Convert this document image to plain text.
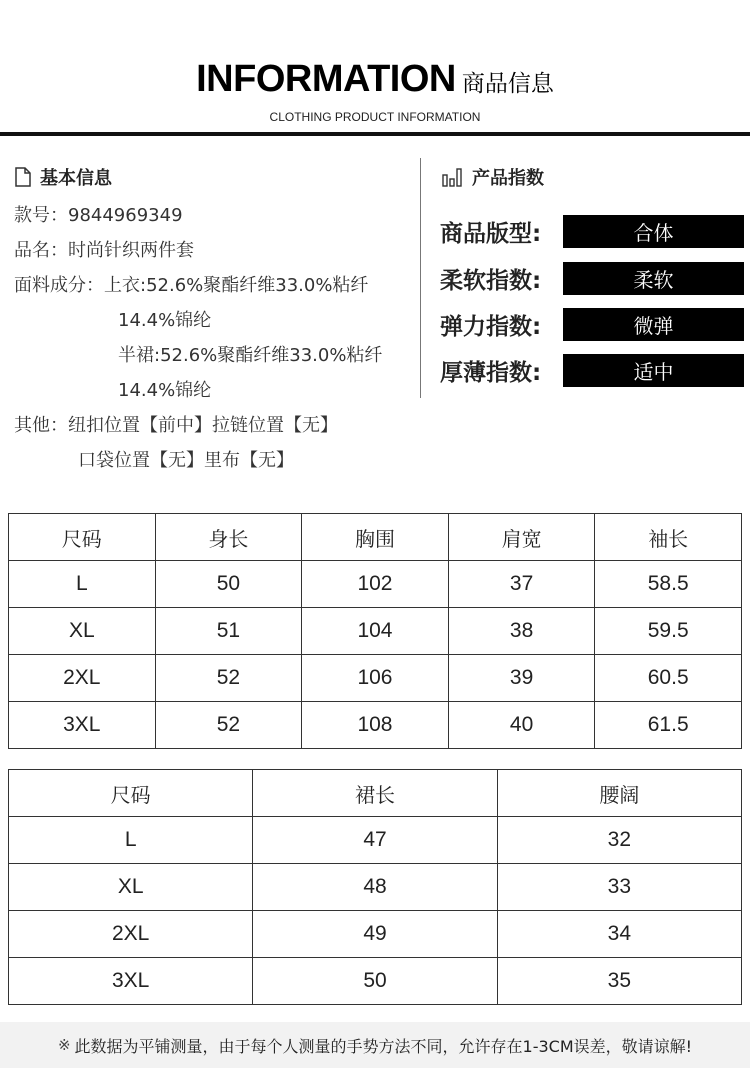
INFORMATION 商品信息
CLOTHING PRODUCT INFORMATION
基本信息
款号：9844969349
品名：时尚针织两件套
面料成分：上衣:52.6%聚酯纤维33.0%粘纤
14.4%锦纶
半裙:52.6%聚酯纤维33.0%粘纤
14.4%锦纶
其他：纽扣位置【前中】拉链位置【无】
口袋位置【无】里布【无】
产品指数
商品版型:	合体
柔软指数:	柔软
弹力指数:	微弹
厚薄指数:	适中
尺码	身长	胸围	肩宽	袖长
L	50	102	37	58.5
XL	51	104	38	59.5
2XL	52	106	39	60.5
3XL	52	108	40	61.5
尺码	裙长	腰阔
L	47	32
XL	48	33
2XL	49	34
3XL	50	35
※ 此数据为平铺测量，由于每个人测量的手势方法不同，允许存在1-3CM误差，敬请谅解!
